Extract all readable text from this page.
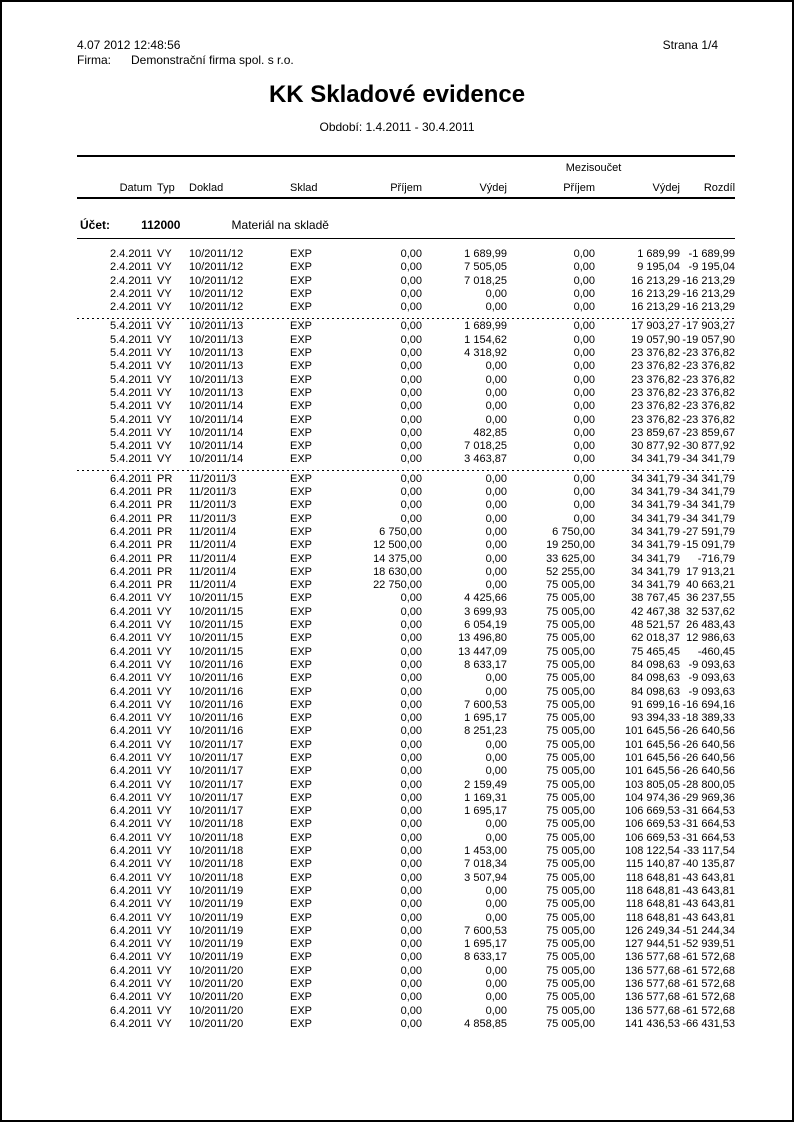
4.07 2012 12:48:56	Strana 1/4
Firma: Demonstrační firma spol. s r.o.
KK Skladové evidence
Období: 1.4.2011 - 30.4.2011
						Mezisoučet		
Datum	Typ	Doklad	Sklad	Příjem	Výdej	Příjem	Výdej	Rozdíl
Účet: 112000 Materiál na skladě								

2.4.2011	VY	10/2011/12	EXP	0,00	1 689,99	0,00	1 689,99	-1 689,99
2.4.2011	VY	10/2011/12	EXP	0,00	7 505,05	0,00	9 195,04	-9 195,04
2.4.2011	VY	10/2011/12	EXP	0,00	7 018,25	0,00	16 213,29	-16 213,29
2.4.2011	VY	10/2011/12	EXP	0,00	0,00	0,00	16 213,29	-16 213,29
2.4.2011	VY	10/2011/12	EXP	0,00	0,00	0,00	16 213,29	-16 213,29

5.4.2011	VY	10/2011/13	EXP	0,00	1 689,99	0,00	17 903,27	-17 903,27
5.4.2011	VY	10/2011/13	EXP	0,00	1 154,62	0,00	19 057,90	-19 057,90
5.4.2011	VY	10/2011/13	EXP	0,00	4 318,92	0,00	23 376,82	-23 376,82
5.4.2011	VY	10/2011/13	EXP	0,00	0,00	0,00	23 376,82	-23 376,82
5.4.2011	VY	10/2011/13	EXP	0,00	0,00	0,00	23 376,82	-23 376,82
5.4.2011	VY	10/2011/13	EXP	0,00	0,00	0,00	23 376,82	-23 376,82
5.4.2011	VY	10/2011/14	EXP	0,00	0,00	0,00	23 376,82	-23 376,82
5.4.2011	VY	10/2011/14	EXP	0,00	0,00	0,00	23 376,82	-23 376,82
5.4.2011	VY	10/2011/14	EXP	0,00	482,85	0,00	23 859,67	-23 859,67
5.4.2011	VY	10/2011/14	EXP	0,00	7 018,25	0,00	30 877,92	-30 877,92
5.4.2011	VY	10/2011/14	EXP	0,00	3 463,87	0,00	34 341,79	-34 341,79

6.4.2011	PR	11/2011/3	EXP	0,00	0,00	0,00	34 341,79	-34 341,79
6.4.2011	PR	11/2011/3	EXP	0,00	0,00	0,00	34 341,79	-34 341,79
6.4.2011	PR	11/2011/3	EXP	0,00	0,00	0,00	34 341,79	-34 341,79
6.4.2011	PR	11/2011/3	EXP	0,00	0,00	0,00	34 341,79	-34 341,79
6.4.2011	PR	11/2011/4	EXP	6 750,00	0,00	6 750,00	34 341,79	-27 591,79
6.4.2011	PR	11/2011/4	EXP	12 500,00	0,00	19 250,00	34 341,79	-15 091,79
6.4.2011	PR	11/2011/4	EXP	14 375,00	0,00	33 625,00	34 341,79	-716,79
6.4.2011	PR	11/2011/4	EXP	18 630,00	0,00	52 255,00	34 341,79	17 913,21
6.4.2011	PR	11/2011/4	EXP	22 750,00	0,00	75 005,00	34 341,79	40 663,21
6.4.2011	VY	10/2011/15	EXP	0,00	4 425,66	75 005,00	38 767,45	36 237,55
6.4.2011	VY	10/2011/15	EXP	0,00	3 699,93	75 005,00	42 467,38	32 537,62
6.4.2011	VY	10/2011/15	EXP	0,00	6 054,19	75 005,00	48 521,57	26 483,43
6.4.2011	VY	10/2011/15	EXP	0,00	13 496,80	75 005,00	62 018,37	12 986,63
6.4.2011	VY	10/2011/15	EXP	0,00	13 447,09	75 005,00	75 465,45	-460,45
6.4.2011	VY	10/2011/16	EXP	0,00	8 633,17	75 005,00	84 098,63	-9 093,63
6.4.2011	VY	10/2011/16	EXP	0,00	0,00	75 005,00	84 098,63	-9 093,63
6.4.2011	VY	10/2011/16	EXP	0,00	0,00	75 005,00	84 098,63	-9 093,63
6.4.2011	VY	10/2011/16	EXP	0,00	7 600,53	75 005,00	91 699,16	-16 694,16
6.4.2011	VY	10/2011/16	EXP	0,00	1 695,17	75 005,00	93 394,33	-18 389,33
6.4.2011	VY	10/2011/16	EXP	0,00	8 251,23	75 005,00	101 645,56	-26 640,56
6.4.2011	VY	10/2011/17	EXP	0,00	0,00	75 005,00	101 645,56	-26 640,56
6.4.2011	VY	10/2011/17	EXP	0,00	0,00	75 005,00	101 645,56	-26 640,56
6.4.2011	VY	10/2011/17	EXP	0,00	0,00	75 005,00	101 645,56	-26 640,56
6.4.2011	VY	10/2011/17	EXP	0,00	2 159,49	75 005,00	103 805,05	-28 800,05
6.4.2011	VY	10/2011/17	EXP	0,00	1 169,31	75 005,00	104 974,36	-29 969,36
6.4.2011	VY	10/2011/17	EXP	0,00	1 695,17	75 005,00	106 669,53	-31 664,53
6.4.2011	VY	10/2011/18	EXP	0,00	0,00	75 005,00	106 669,53	-31 664,53
6.4.2011	VY	10/2011/18	EXP	0,00	0,00	75 005,00	106 669,53	-31 664,53
6.4.2011	VY	10/2011/18	EXP	0,00	1 453,00	75 005,00	108 122,54	-33 117,54
6.4.2011	VY	10/2011/18	EXP	0,00	7 018,34	75 005,00	115 140,87	-40 135,87
6.4.2011	VY	10/2011/18	EXP	0,00	3 507,94	75 005,00	118 648,81	-43 643,81
6.4.2011	VY	10/2011/19	EXP	0,00	0,00	75 005,00	118 648,81	-43 643,81
6.4.2011	VY	10/2011/19	EXP	0,00	0,00	75 005,00	118 648,81	-43 643,81
6.4.2011	VY	10/2011/19	EXP	0,00	0,00	75 005,00	118 648,81	-43 643,81
6.4.2011	VY	10/2011/19	EXP	0,00	7 600,53	75 005,00	126 249,34	-51 244,34
6.4.2011	VY	10/2011/19	EXP	0,00	1 695,17	75 005,00	127 944,51	-52 939,51
6.4.2011	VY	10/2011/19	EXP	0,00	8 633,17	75 005,00	136 577,68	-61 572,68
6.4.2011	VY	10/2011/20	EXP	0,00	0,00	75 005,00	136 577,68	-61 572,68
6.4.2011	VY	10/2011/20	EXP	0,00	0,00	75 005,00	136 577,68	-61 572,68
6.4.2011	VY	10/2011/20	EXP	0,00	0,00	75 005,00	136 577,68	-61 572,68
6.4.2011	VY	10/2011/20	EXP	0,00	0,00	75 005,00	136 577,68	-61 572,68
6.4.2011	VY	10/2011/20	EXP	0,00	4 858,85	75 005,00	141 436,53	-66 431,53
